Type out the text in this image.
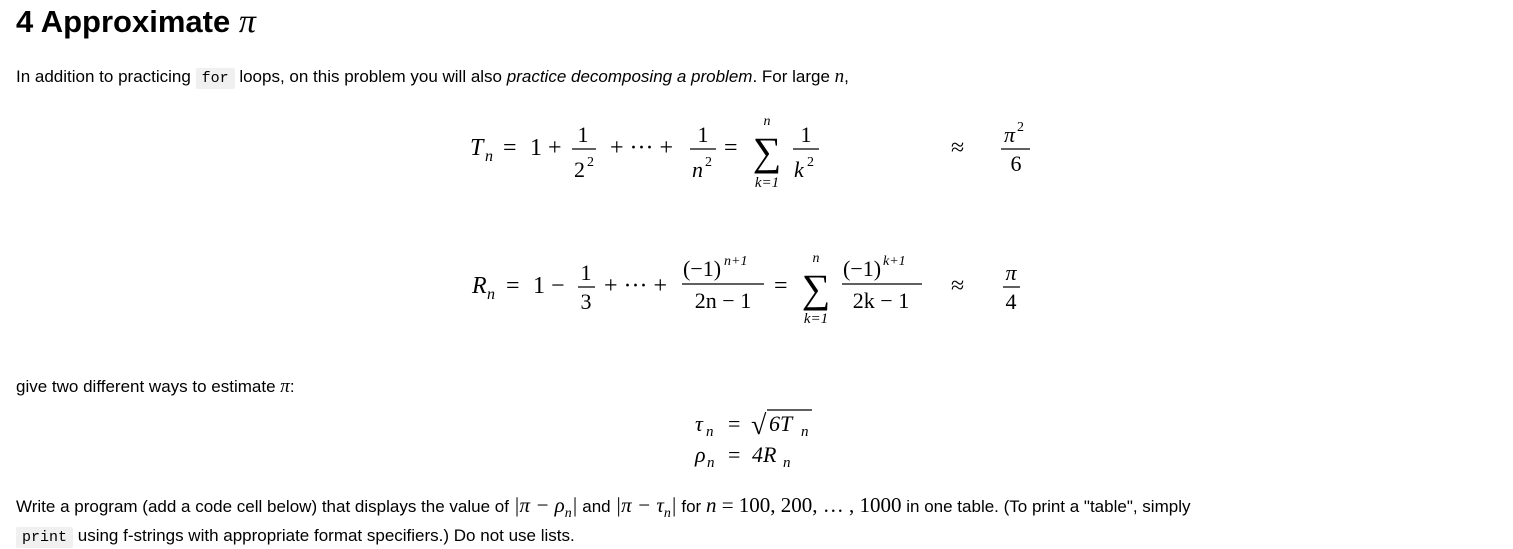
4 Approximate π
In addition to practicing for loops, on this problem you will also practice decomposing a problem. For large n,
T n = 1 +
1
2 2
+ ··· +
1
n 2
=
n
∑
k=1
1
k 2
≈
π 2
6
R n = 1 −
1
3
+ ··· +
(−1) n+1
2n − 1
=
n
∑
k=1
(−1) k+1
2k − 1
≈
π
4
give two different ways to estimate π:
τ n = √ 6T n
ρ n = 4R n
Write a program (add a code cell below) that displays the value of $|\pi - \rho_n|$ and $|\pi - \tau_n|$ for n = 100, 200, … , 1000 in one table. (To print a "table", simply
print using f-strings with appropriate format specifiers.) Do not use lists.
